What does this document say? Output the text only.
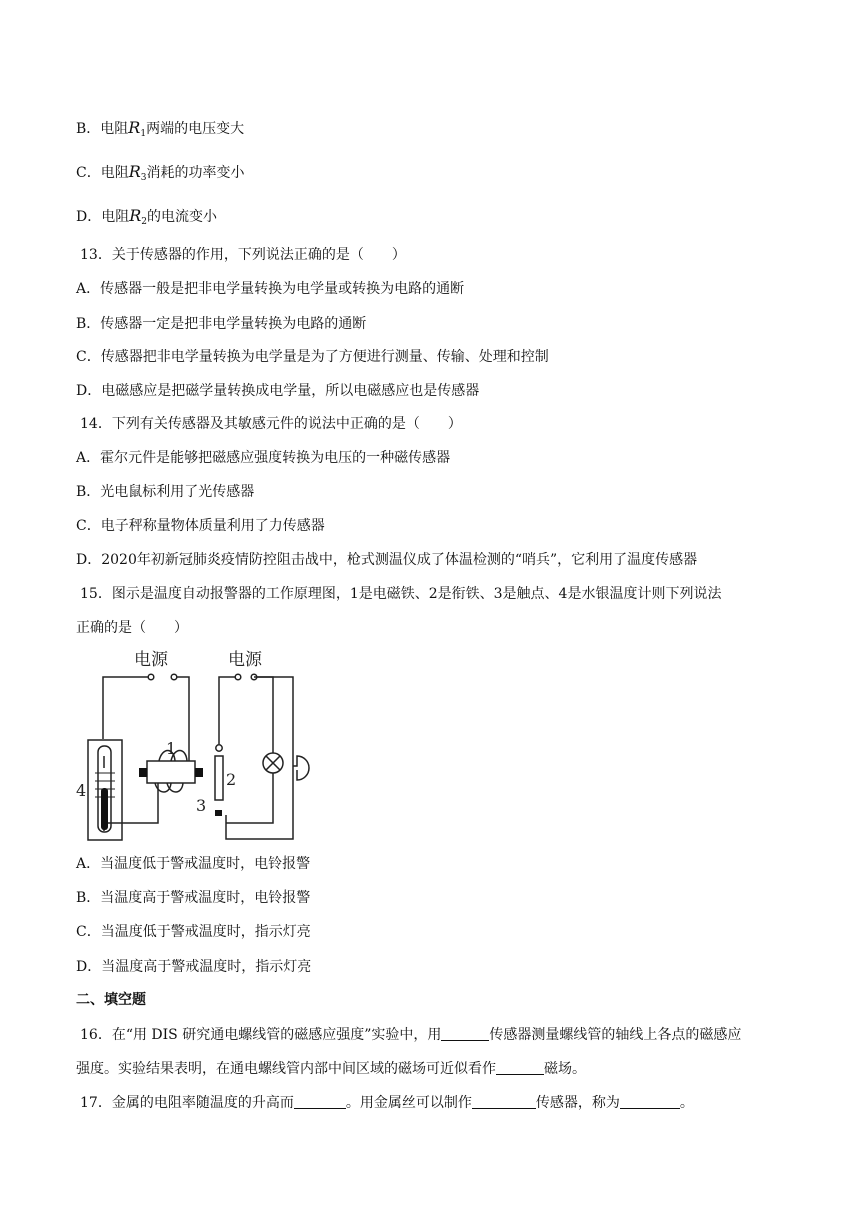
B．电阻$R_1$两端的电压变大
C．电阻$R_3$消耗的功率变小
D．电阻$R_2$的电流变小
13．关于传感器的作用，下列说法正确的是（　　）
A．传感器一般是把非电学量转换为电学量或转换为电路的通断
B．传感器一定是把非电学量转换为电路的通断
C．传感器把非电学量转换为电学量是为了方便进行测量、传输、处理和控制
D．电磁感应是把磁学量转换成电学量，所以电磁感应也是传感器
14．下列有关传感器及其敏感元件的说法中正确的是（　　）
A．霍尔元件是能够把磁感应强度转换为电压的一种磁传感器
B．光电鼠标利用了光传感器
C．电子秤称量物体质量利用了力传感器
D．2020年初新冠肺炎疫情防控阻击战中，枪式测温仪成了体温检测的“哨兵”，它利用了温度传感器
15．图示是温度自动报警器的工作原理图，1是电磁铁、2是衔铁、3是触点、4是水银温度计则下列说法
正确的是（　　）
电源	电源
1
2
3
4
A．当温度低于警戒温度时，电铃报警
B．当温度高于警戒温度时，电铃报警
C．当温度低于警戒温度时，指示灯亮
D．当温度高于警戒温度时，指示灯亮
二、填空题
16．在“用 DIS 研究通电螺线管的磁感应强度”实验中，用	传感器测量螺线管的轴线上各点的磁感应
强度。实验结果表明，在通电螺线管内部中间区域的磁场可近似看作	磁场。
17．金属的电阻率随温度的升高而	。用金属丝可以制作	传感器，称为	。
